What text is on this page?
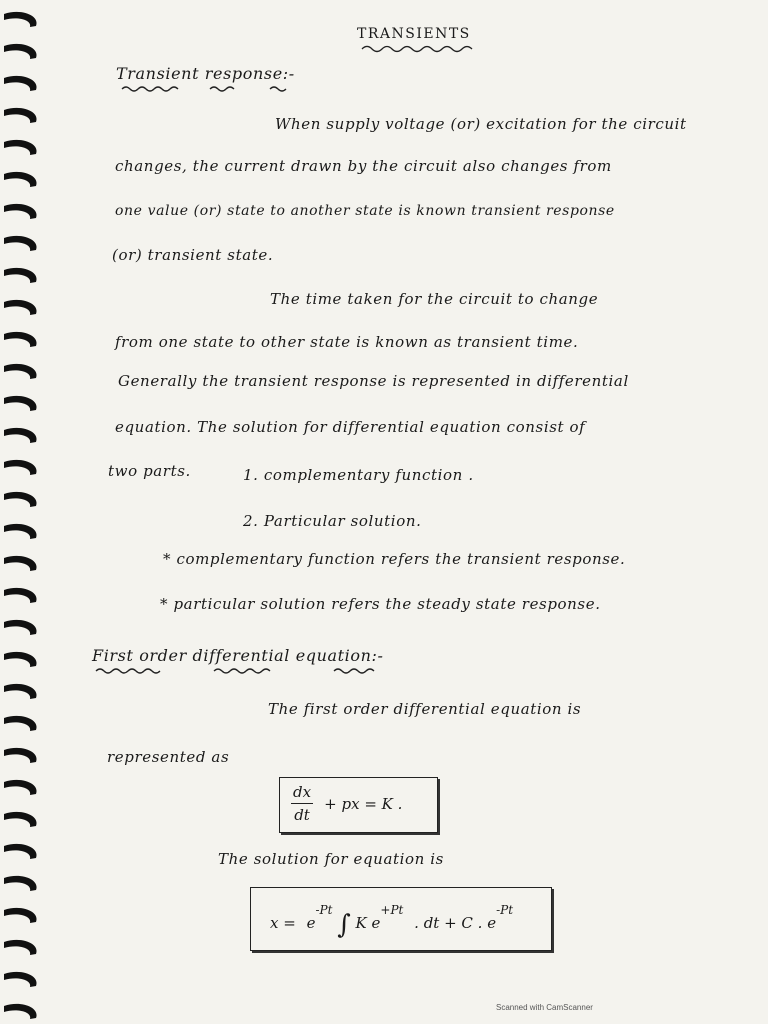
TRANSIENTS
Transient response:-
When supply voltage (or) excitation for the circuit
changes, the current drawn by the circuit also changes from
one value (or) state to another state is known transient response
(or) transient state.
The time taken for the circuit to change
from one state to other state is known as transient time.
Generally the transient response is represented in differential
equation. The solution for differential equation consist of
two parts.	1. complementary function .
2. Particular solution.
* complementary function refers the transient response.
* particular solution refers the steady state response.
First order differential equation:-
The first order differential equation is
represented as
$\frac{dx}{dt}$ + px = K .
The solution for equation is
$x = e^{-Pt}$ ∫ K $e^{+Pt}$ . dt + C . $e^{-Pt}$
Scanned with CamScanner
